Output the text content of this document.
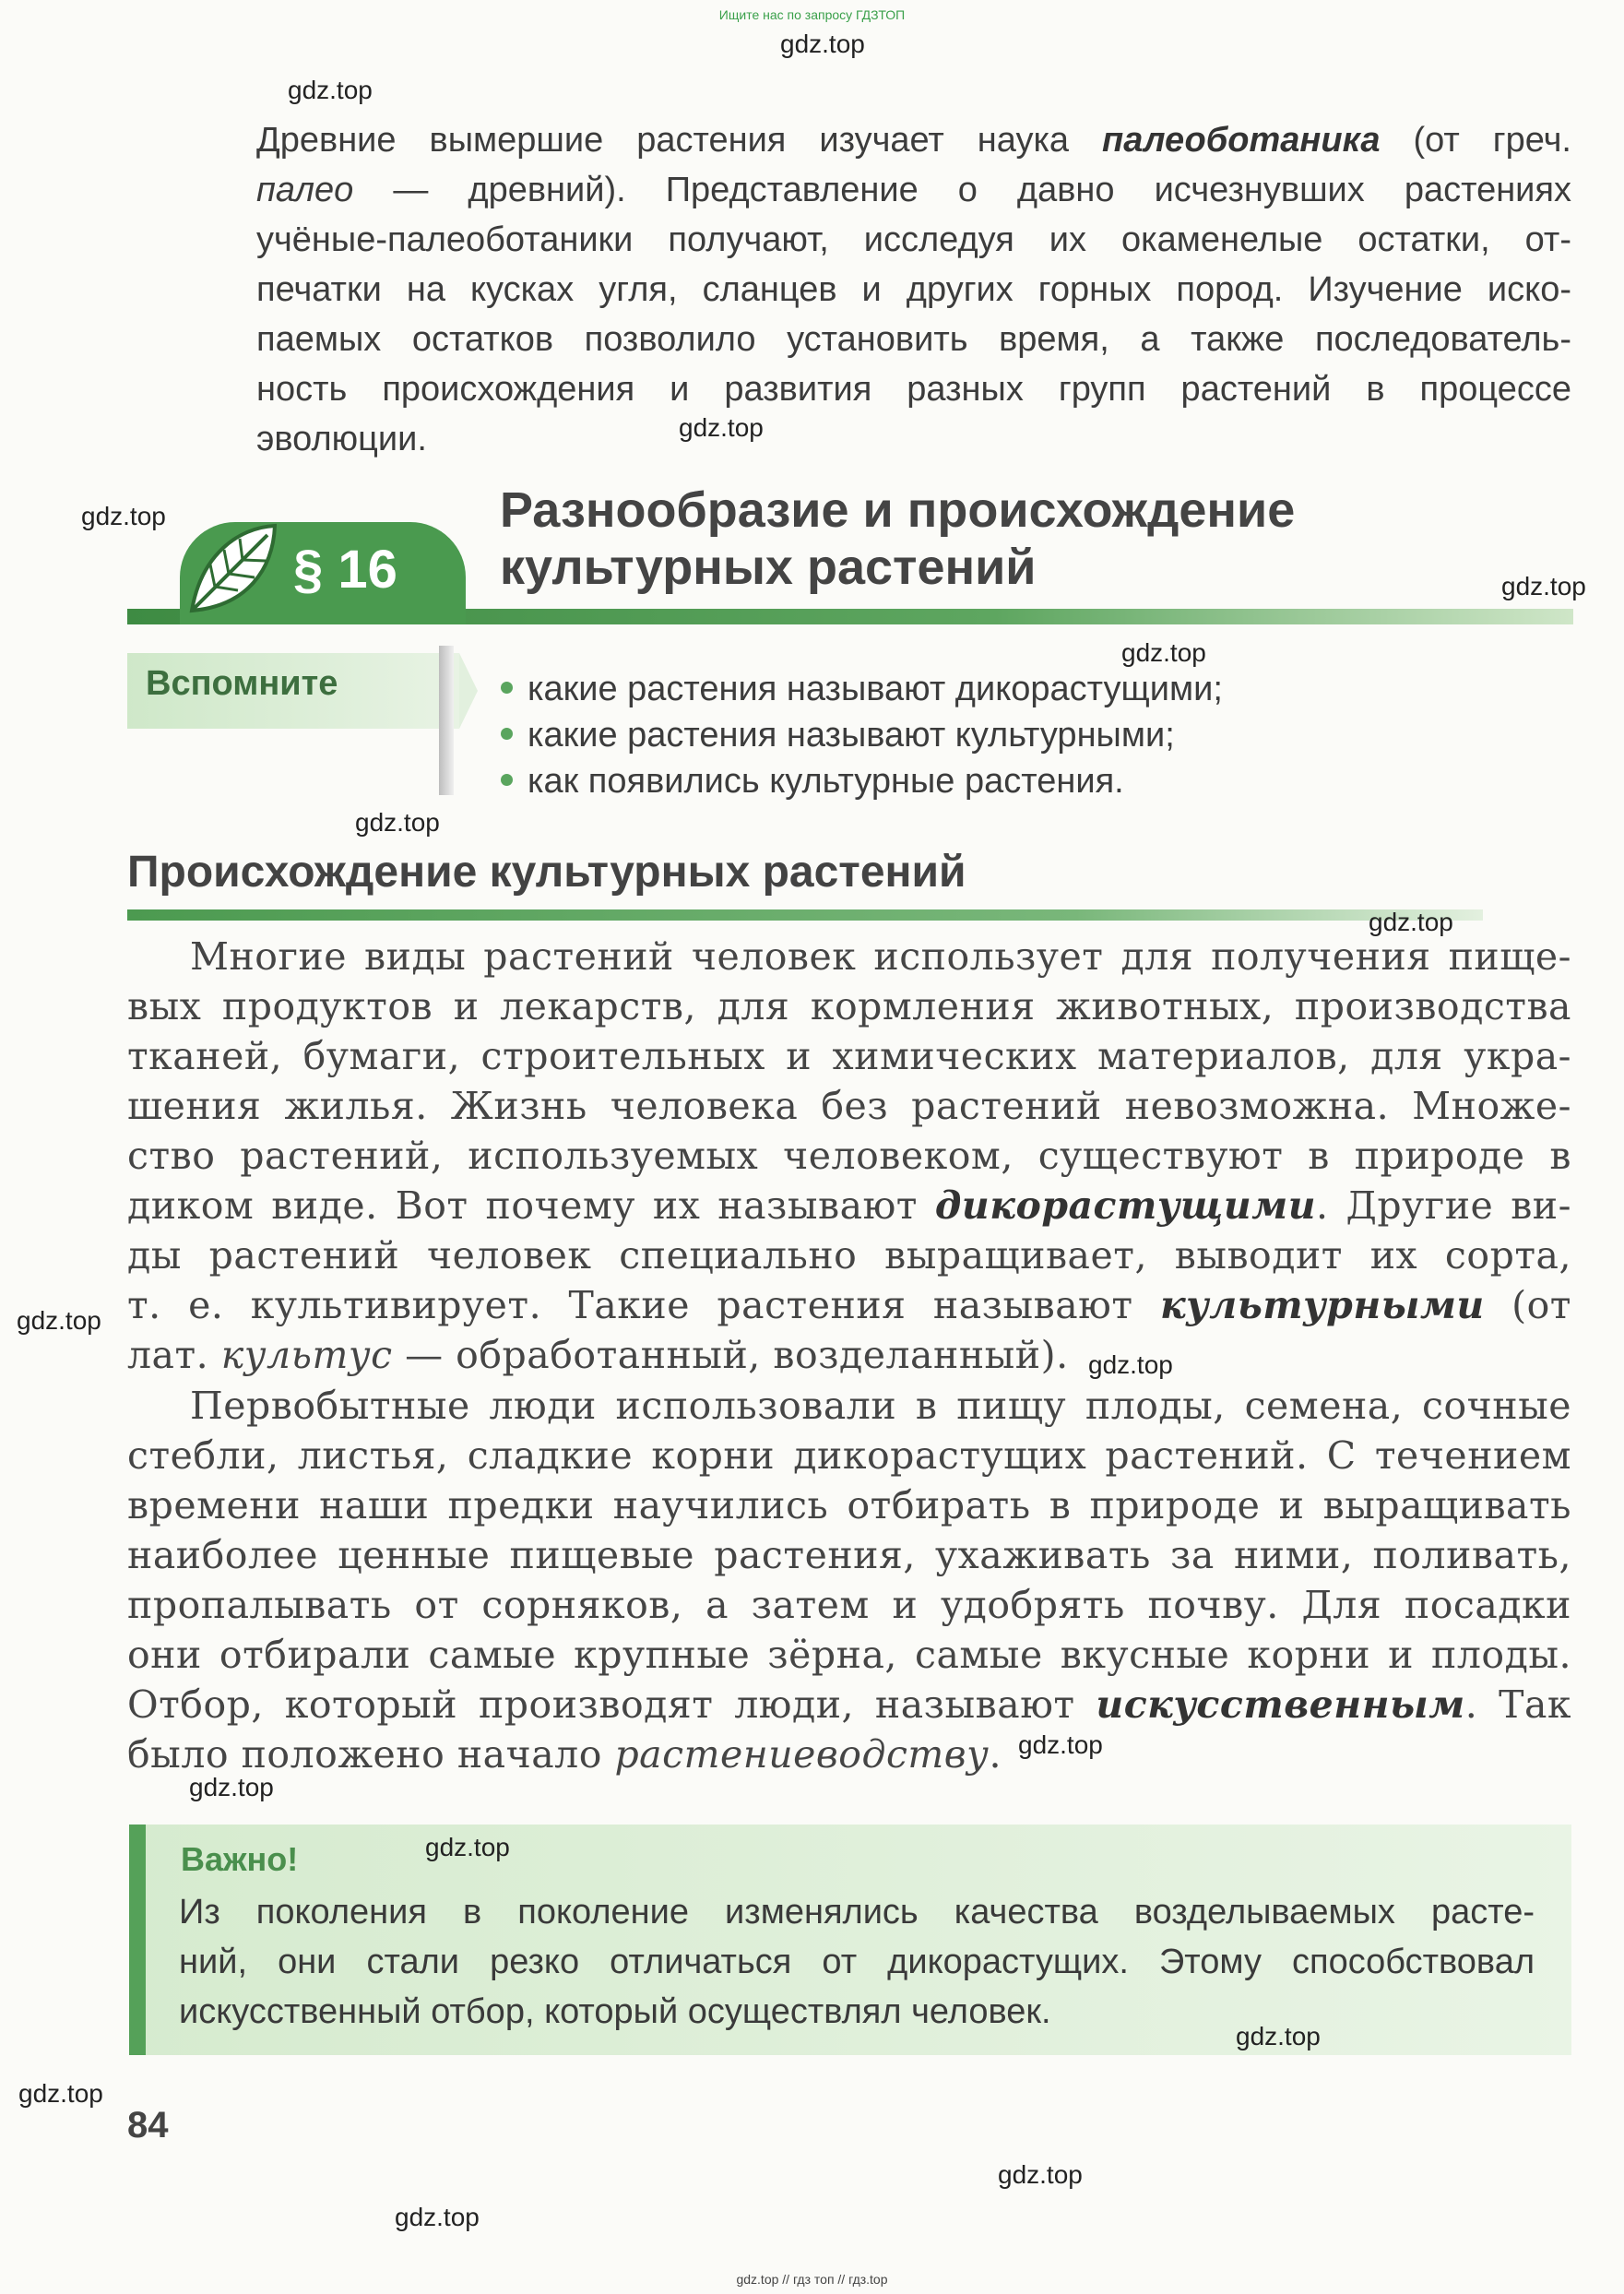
Ищите нас по запросу ГДЗТОП
Древние вымершие растения изучает наука палеоботаника (от греч.
палео — древний). Представление о давно исчезнувших растениях
учёные-палеоботаники получают, исследуя их окаменелые остатки, от-
печатки на кусках угля, сланцев и других горных пород. Изучение иско-
паемых остатков позволило установить время, а также последователь-
ность происхождения и развития разных групп растений в процессе
эволюции.
§ 16
Разнообразие и происхождение
культурных растений
Вспомните	какие растения называют дикорастущими;
какие растения называют культурными;
как появились культурные растения.
Происхождение культурных растений
Многие виды растений человек использует для получения пище-
вых продуктов и лекарств, для кормления животных, производства
тканей, бумаги, строительных и химических материалов, для укра-
шения жилья. Жизнь человека без растений невозможна. Множе-
ство растений, используемых человеком, существуют в природе в
диком виде. Вот почему их называют дикорастущими. Другие ви-
ды растений человек специально выращивает, выводит их сорта,
т. е. культивирует. Такие растения называют культурными (от
лат. культус — обработанный, возделанный).
Первобытные люди использовали в пищу плоды, семена, сочные
стебли, листья, сладкие корни дикорастущих растений. С течением
времени наши предки научились отбирать в природе и выращивать
наиболее ценные пищевые растения, ухаживать за ними, поливать,
пропалывать от сорняков, а затем и удобрять почву. Для посадки
они отбирали самые крупные зёрна, самые вкусные корни и плоды.
Отбор, который производят люди, называют искусственным. Так
было положено начало растениеводству.
Важно!
Из поколения в поколение изменялись качества возделываемых расте-
ний, они стали резко отличаться от дикорастущих. Этому способствовал
искусственный отбор, который осуществлял человек.
84
gdz.top
gdz.top
gdz.top
gdz.top
gdz.top
gdz.top
gdz.top
gdz.top
gdz.top
gdz.top
gdz.top
gdz.top
gdz.top
gdz.top
gdz.top
gdz.top
gdz.top
gdz.top // гдз топ // гдз.top
